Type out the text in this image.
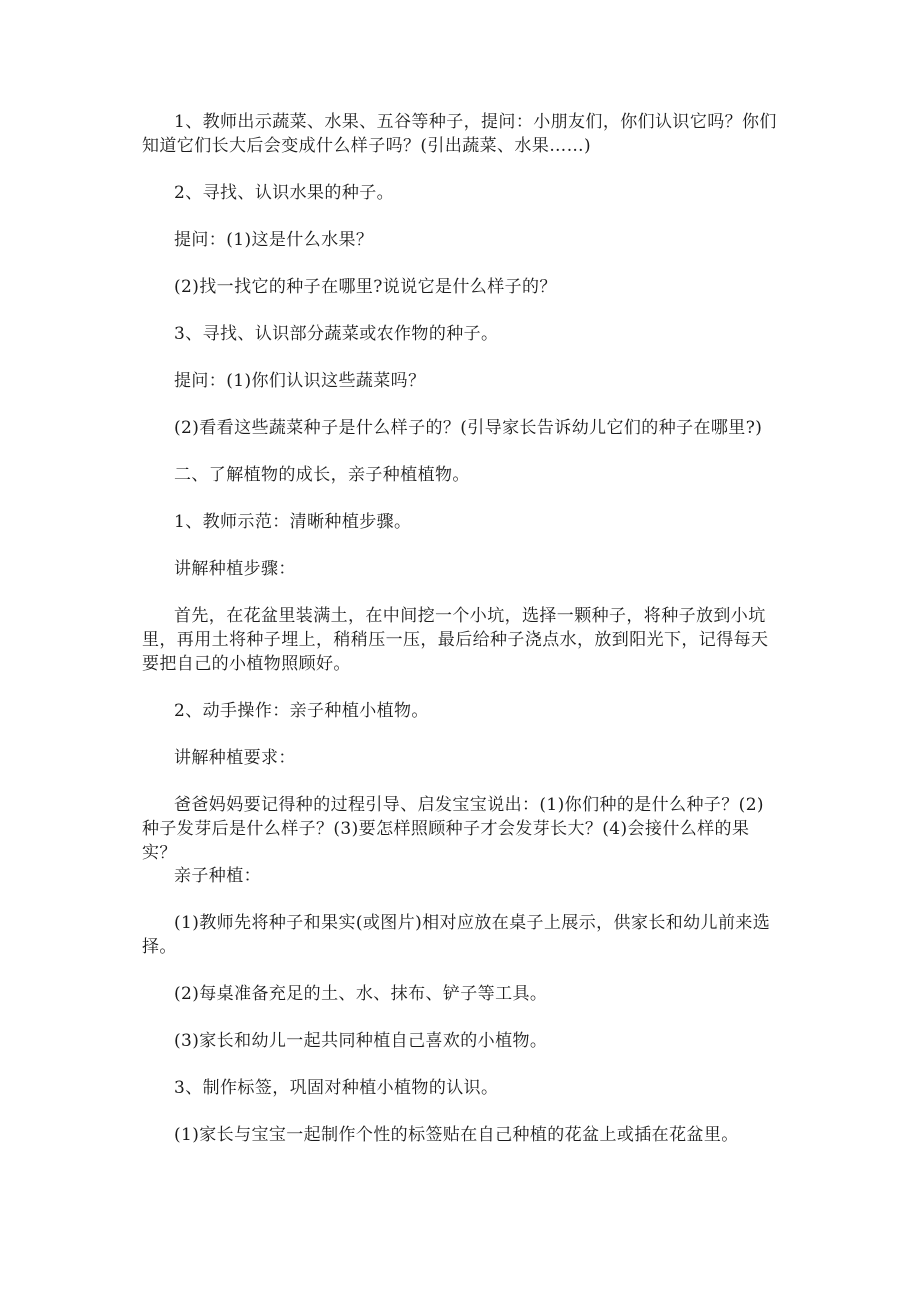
1、教师出示蔬菜、水果、五谷等种子，提问：小朋友们，你们认识它吗？你们知道它们长大后会变成什么样子吗？(引出蔬菜、水果……)

2、寻找、认识水果的种子。

提问：(1)这是什么水果？

(2)找一找它的种子在哪里?说说它是什么样子的？

3、寻找、认识部分蔬菜或农作物的种子。

提问：(1)你们认识这些蔬菜吗？

(2)看看这些蔬菜种子是什么样子的？(引导家长告诉幼儿它们的种子在哪里?)

二、了解植物的成长，亲子种植植物。

1、教师示范：清晰种植步骤。

讲解种植步骤：

首先，在花盆里装满土，在中间挖一个小坑，选择一颗种子，将种子放到小坑里，再用土将种子埋上，稍稍压一压，最后给种子浇点水，放到阳光下，记得每天要把自己的小植物照顾好。

2、动手操作：亲子种植小植物。

讲解种植要求：

爸爸妈妈要记得种的过程引导、启发宝宝说出：(1)你们种的是什么种子？(2)种子发芽后是什么样子？(3)要怎样照顾种子才会发芽长大？(4)会接什么样的果实？

亲子种植：

(1)教师先将种子和果实(或图片)相对应放在桌子上展示，供家长和幼儿前来选择。

(2)每桌准备充足的土、水、抹布、铲子等工具。

(3)家长和幼儿一起共同种植自己喜欢的小植物。

3、制作标签，巩固对种植小植物的认识。

(1)家长与宝宝一起制作个性的标签贴在自己种植的花盆上或插在花盆里。
